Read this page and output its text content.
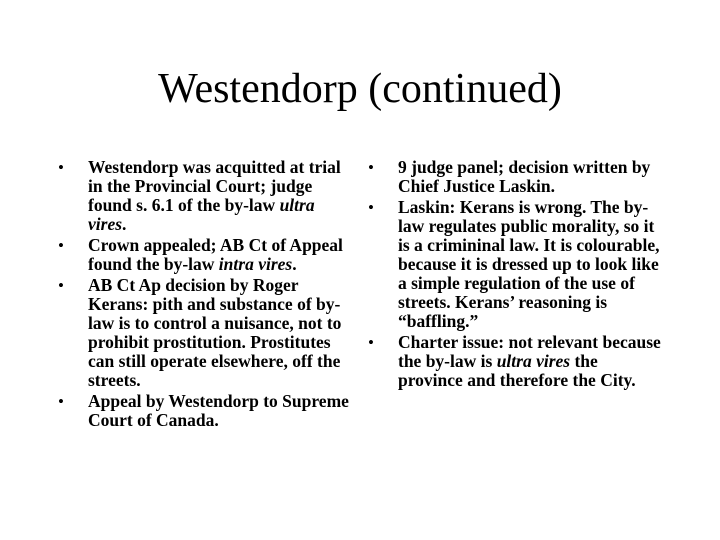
Westendorp (continued)
•	Westendorp was acquitted at trial in the Provincial Court; judge found s. 6.1 of the by-law ultra vires.
•	Crown appealed; AB Ct of Appeal found the by-law intra vires.
•	AB Ct Ap decision by Roger Kerans: pith and substance of by-law is to control a nuisance, not to prohibit prostitution. Prostitutes can still operate elsewhere, off the streets.
•	Appeal by Westendorp to Supreme Court of Canada.
•	9 judge panel; decision written by Chief Justice Laskin.
•	Laskin: Kerans is wrong. The by-law regulates public morality, so it is a crimininal law. It is colourable, because it is dressed up to look like a simple regulation of the use of streets. Kerans’ reasoning is “baffling.”
•	Charter issue: not relevant because the by-law is ultra vires the province and therefore the City.
